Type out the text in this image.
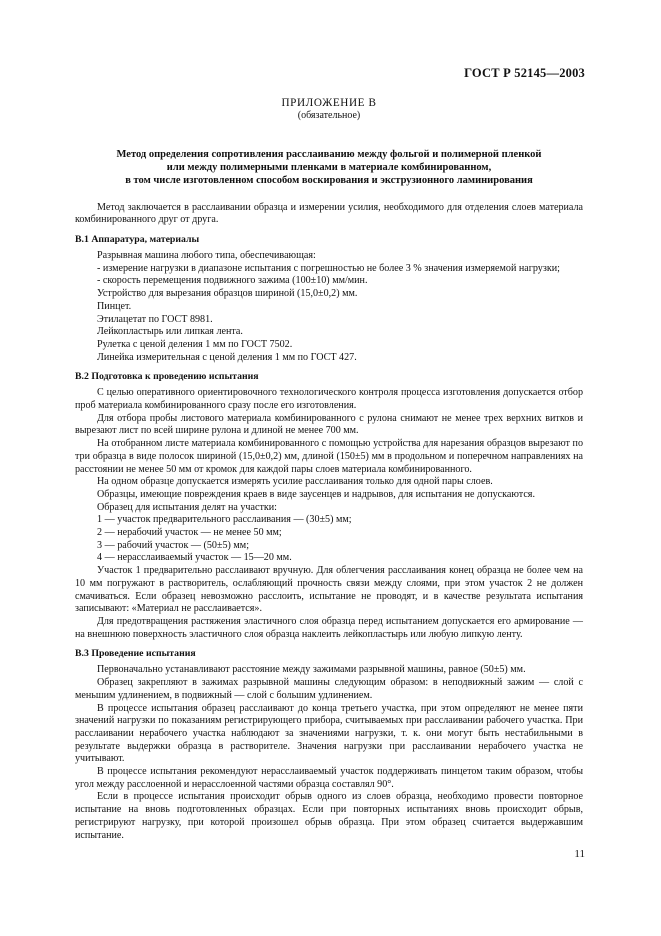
ГОСТ Р 52145—2003
ПРИЛОЖЕНИЕ В
(обязательное)
Метод определения сопротивления расслаиванию между фольгой и полимерной пленкой
или между полимерными пленками в материале комбинированном,
в том числе изготовленном способом воскирования и экструзионного ламинирования

Метод заключается в расслаивании образца и измерении усилия, необходимого для отделения слоев материала комбинированного друг от друга.

В.1 Аппаратура, материалы

Разрывная машина любого типа, обеспечивающая:

- измерение нагрузки в диапазоне испытания с погрешностью не более 3 % значения измеряемой нагрузки;

- скорость перемещения подвижного зажима (100±10) мм/мин.

Устройство для вырезания образцов шириной (15,0±0,2) мм.

Пинцет.

Этилацетат по ГОСТ 8981.

Лейкопластырь или липкая лента.

Рулетка с ценой деления 1 мм по ГОСТ 7502.

Линейка измерительная с ценой деления 1 мм по ГОСТ 427.

В.2 Подготовка к проведению испытания

С целью оперативного ориентировочного технологического контроля процесса изготовления допускается отбор проб материала комбинированного сразу после его изготовления.

Для отбора пробы листового материала комбинированного с рулона снимают не менее трех верхних витков и вырезают лист по всей ширине рулона и длиной не менее 700 мм.

На отобранном листе материала комбинированного с помощью устройства для нарезания образцов вырезают по три образца в виде полосок шириной (15,0±0,2) мм, длиной (150±5) мм в продольном и поперечном направлениях на расстоянии не менее 50 мм от кромок для каждой пары слоев материала комбинированного.

На одном образце допускается измерять усилие расслаивания только для одной пары слоев.

Образцы, имеющие повреждения краев в виде заусенцев и надрывов, для испытания не допускаются.

Образец для испытания делят на участки:

1 — участок предварительного расслаивания — (30±5) мм;

2 — нерабочий участок — не менее 50 мм;

3 — рабочий участок — (50±5) мм;

4 — нерасслаиваемый участок — 15—20 мм.

Участок 1 предварительно расслаивают вручную. Для облегчения расслаивания конец образца не более чем на 10 мм погружают в растворитель, ослабляющий прочность связи между слоями, при этом участок 2 не должен смачиваться. Если образец невозможно расслоить, испытание не проводят, и в качестве результата испытания записывают: «Материал не расслаивается».

Для предотвращения растяжения эластичного слоя образца перед испытанием допускается его армирование — на внешнюю поверхность эластичного слоя образца наклеить лейкопластырь или любую липкую ленту.

В.3 Проведение испытания

Первоначально устанавливают расстояние между зажимами разрывной машины, равное (50±5) мм.

Образец закрепляют в зажимах разрывной машины следующим образом: в неподвижный зажим — слой с меньшим удлинением, в подвижный — слой с большим удлинением.

В процессе испытания образец расслаивают до конца третьего участка, при этом определяют не менее пяти значений нагрузки по показаниям регистрирующего прибора, считываемых при расслаивании рабочего участка. При расслаивании нерабочего участка наблюдают за значениями нагрузки, т. к. они могут быть нестабильными в результате выдержки образца в растворителе. Значения нагрузки при расслаивании нерабочего участка не учитывают.

В процессе испытания рекомендуют нерасслаиваемый участок поддерживать пинцетом таким образом, чтобы угол между расслоенной и нерасслоенной частями образца составлял 90°.

Если в процессе испытания происходит обрыв одного из слоев образца, необходимо провести повторное испытание на вновь подготовленных образцах. Если при повторных испытаниях вновь происходит обрыв, регистрируют нагрузку, при которой произошел обрыв образца. При этом образец считается выдержавшим испытание.

11
